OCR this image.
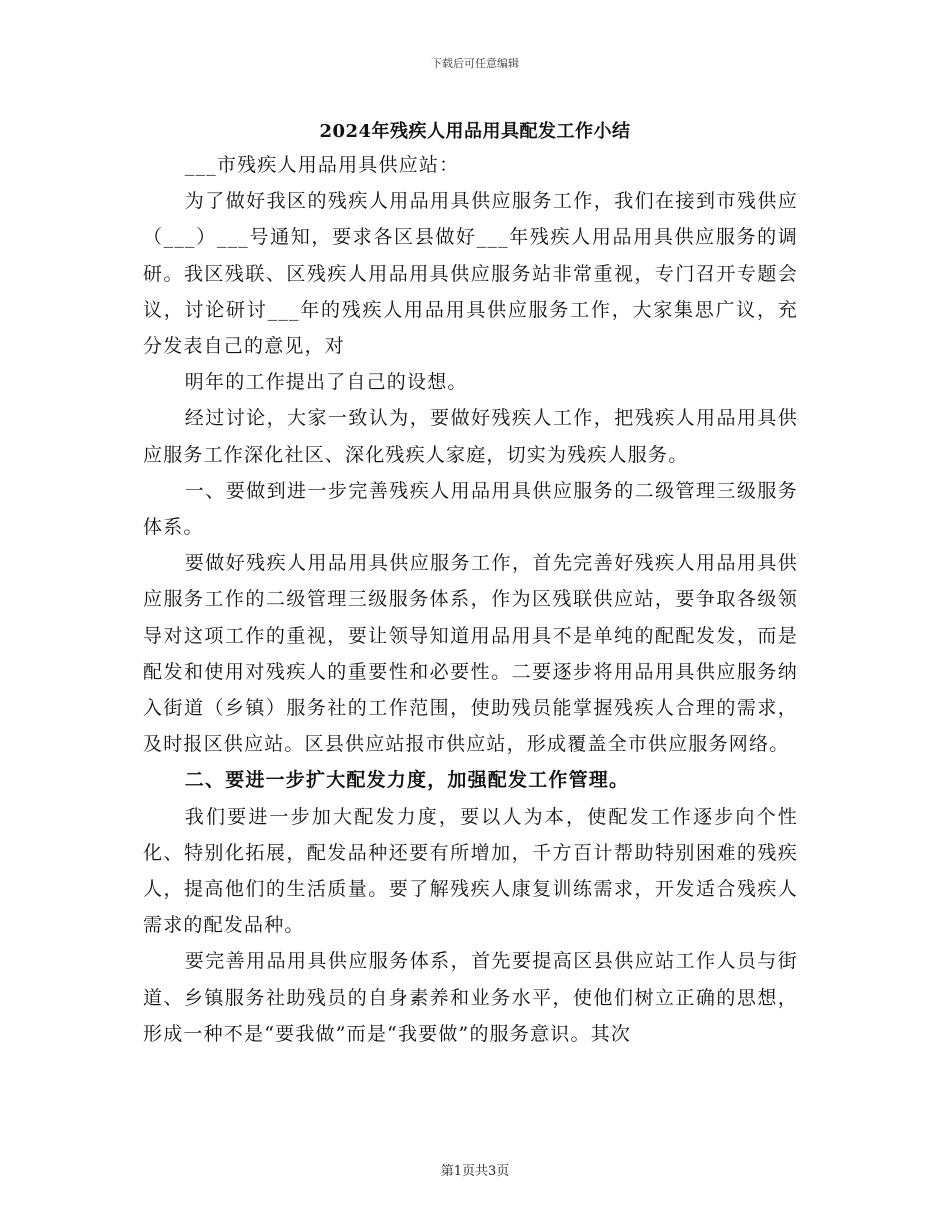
下载后可任意编辑
2024年残疾人用品用具配发工作小结

___市残疾人用品用具供应站：

为了做好我区的残疾人用品用具供应服务工作，我们在接到市残供应（___）___号通知，要求各区县做好___年残疾人用品用具供应服务的调研。我区残联、区残疾人用品用具供应服务站非常重视，专门召开专题会议，讨论研讨___年的残疾人用品用具供应服务工作，大家集思广议，充分发表自己的意见，对

明年的工作提出了自己的设想。

经过讨论，大家一致认为，要做好残疾人工作，把残疾人用品用具供应服务工作深化社区、深化残疾人家庭，切实为残疾人服务。

一、要做到进一步完善残疾人用品用具供应服务的二级管理三级服务体系。

要做好残疾人用品用具供应服务工作，首先完善好残疾人用品用具供应服务工作的二级管理三级服务体系，作为区残联供应站，要争取各级领导对这项工作的重视，要让领导知道用品用具不是单纯的配配发发，而是配发和使用对残疾人的重要性和必要性。二要逐步将用品用具供应服务纳入街道（乡镇）服务社的工作范围，使助残员能掌握残疾人合理的需求，及时报区供应站。区县供应站报市供应站，形成覆盖全市供应服务网络。

二、要进一步扩大配发力度，加强配发工作管理。

我们要进一步加大配发力度，要以人为本，使配发工作逐步向个性化、特别化拓展，配发品种还要有所增加，千方百计帮助特别困难的残疾人，提高他们的生活质量。要了解残疾人康复训练需求，开发适合残疾人需求的配发品种。

要完善用品用具供应服务体系，首先要提高区县供应站工作人员与街道、乡镇服务社助残员的自身素养和业务水平，使他们树立正确的思想，形成一种不是“要我做”而是“我要做”的服务意识。其次

第1页共3页
